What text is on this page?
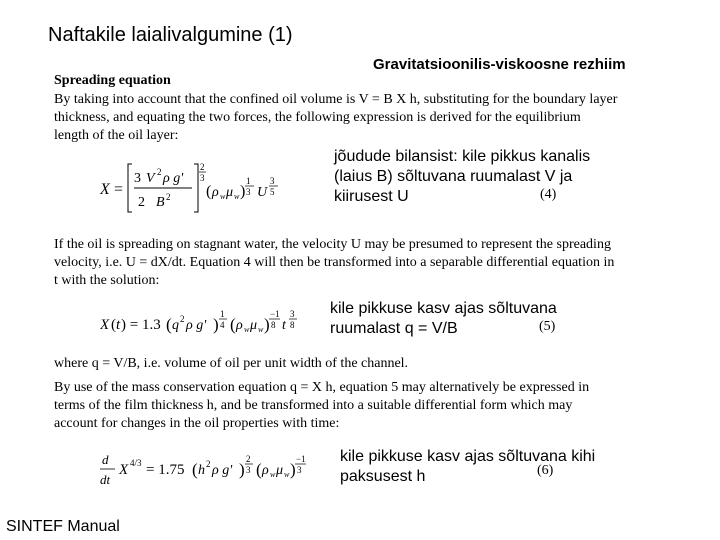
Naftakile laialivalgumine (1)
Gravitatsioonilis-viskoosne rezhiim
Spreading equation
By taking into account that the confined oil volume is V = B X h, substituting for the boundary layer
thickness, and equating the two forces, the following expression is derived for the equilibrium
length of the oil layer:
X =
3 V 2 ρ g'
2 B 2
2
3
( ρ w μ w )
1
3 U
3
5	(4)
jõudude bilansist: kile pikkus kanalis
(laius B) sõltuvana ruumalast V ja
kiirusest U
If the oil is spreading on stagnant water, the velocity U may be presumed to represent the spreading
velocity, i.e. U = dX/dt. Equation 4 will then be transformed into a separable differential equation in
t with the solution:
X ( t ) = 1.3 ( q 2 ρ g' )
1
4 ( ρ w μ w )
−1
8 t
3
8	(5)
kile pikkuse kasv ajas sõltuvana
ruumalast q = V/B
where q = V/B, i.e. volume of oil per unit width of the channel.
By use of the mass conservation equation q = X h, equation 5 may alternatively be expressed in
terms of the film thickness h, and be transformed into a suitable differential form which may
account for changes in the oil properties with time:
d
dt
X 4/3 = 1.75 ( h 2 ρ g' )
2
3 ( ρ w μ w )
−1
3	(6)
kile pikkuse kasv ajas sõltuvana kihi
paksusest h
SINTEF Manual
